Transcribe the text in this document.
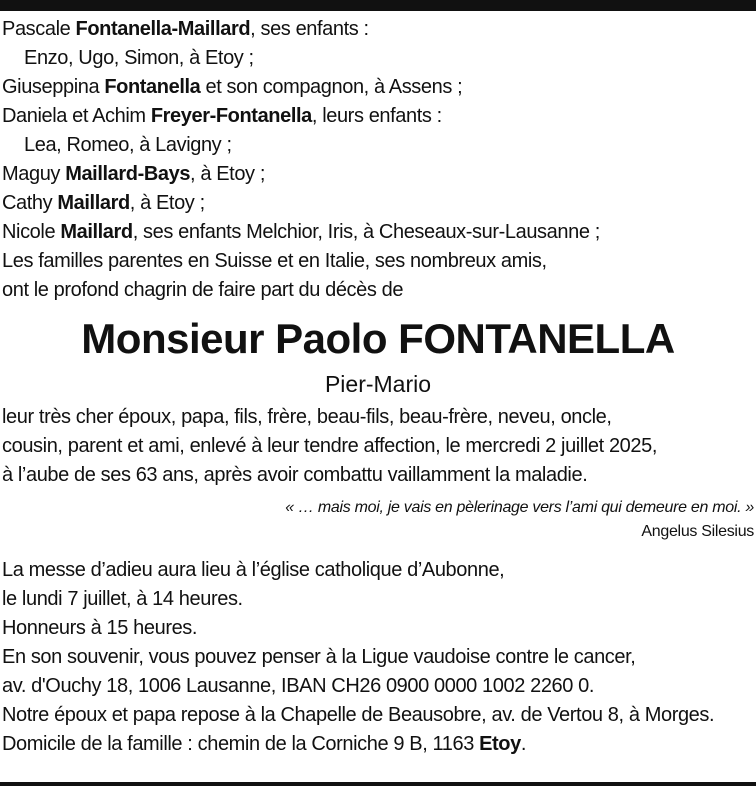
Pascale Fontanella-Maillard, ses enfants :
Enzo, Ugo, Simon, à Etoy ;
Giuseppina Fontanella et son compagnon, à Assens ;
Daniela et Achim Freyer-Fontanella, leurs enfants :
Lea, Romeo, à Lavigny ;
Maguy Maillard-Bays, à Etoy ;
Cathy Maillard, à Etoy ;
Nicole Maillard, ses enfants Melchior, Iris, à Cheseaux-sur-Lausanne ;
Les familles parentes en Suisse et en Italie, ses nombreux amis,
ont le profond chagrin de faire part du décès de
Monsieur Paolo FONTANELLA
Pier-Mario
leur très cher époux, papa, fils, frère, beau-fils, beau-frère, neveu, oncle,
cousin, parent et ami, enlevé à leur tendre affection, le mercredi 2 juillet 2025,
à l’aube de ses 63 ans, après avoir combattu vaillamment la maladie.
« … mais moi, je vais en pèlerinage vers l’ami qui demeure en moi. »
Angelus Silesius
La messe d’adieu aura lieu à l’église catholique d’Aubonne,
le lundi 7 juillet, à 14 heures.
Honneurs à 15 heures.
En son souvenir, vous pouvez penser à la Ligue vaudoise contre le cancer,
av. d'Ouchy 18, 1006 Lausanne, IBAN CH26 0900 0000 1002 2260 0.
Notre époux et papa repose à la Chapelle de Beausobre, av. de Vertou 8, à Morges.
Domicile de la famille : chemin de la Corniche 9 B, 1163 Etoy.
